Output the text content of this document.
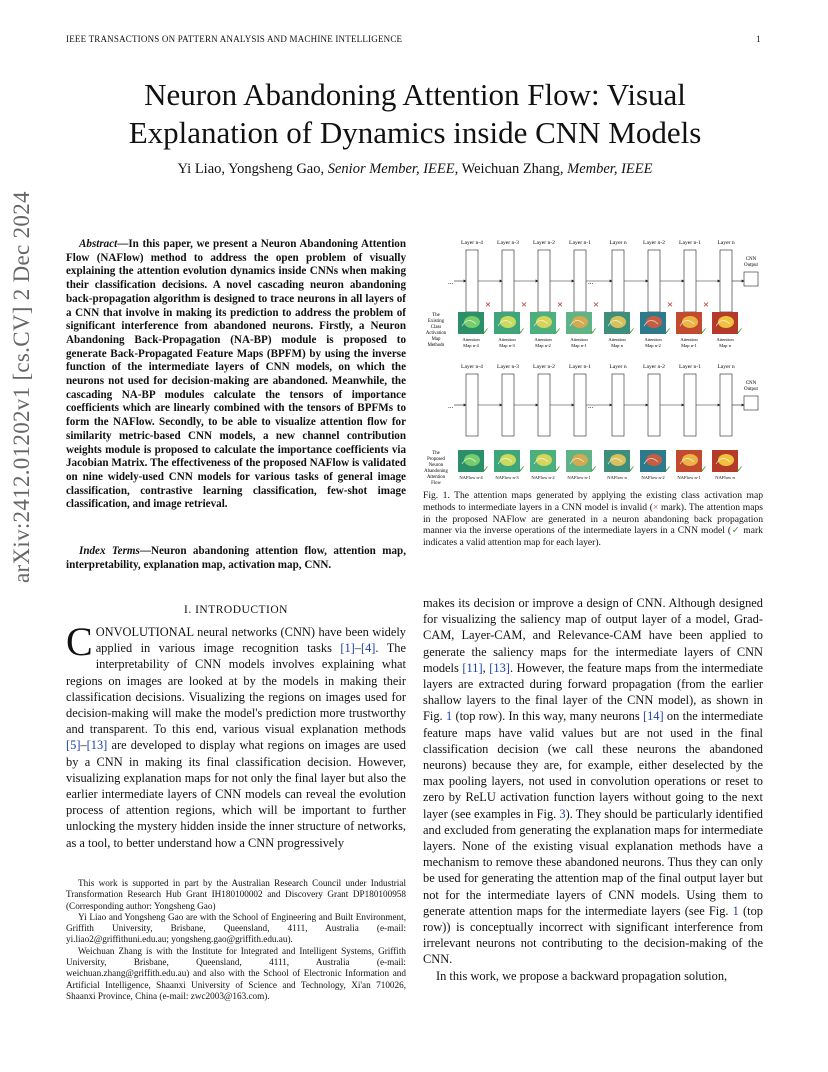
IEEE TRANSACTIONS ON PATTERN ANALYSIS AND MACHINE INTELLIGENCE	1
Neuron Abandoning Attention Flow: Visual
Explanation of Dynamics inside CNN Models
Yi Liao, Yongsheng Gao, Senior Member, IEEE, Weichuan Zhang, Member, IEEE
arXiv:2412.01202v1 [cs.CV] 2 Dec 2024	Abstract—In this paper, we present a Neuron Abandoning Attention Flow (NAFlow) method to address the open problem of visually explaining the attention evolution dynamics inside CNNs when making their classification decisions. A novel cascading neuron abandoning back-propagation algorithm is designed to trace neurons in all layers of a CNN that involve in making its prediction to address the problem of significant interference from abandoned neurons. Firstly, a Neuron Abandoning Back-Propagation (NA-BP) module is proposed to generate Back-Propagated Feature Maps (BPFM) by using the inverse function of the intermediate layers of CNN models, on which the neurons not used for decision-making are abandoned. Meanwhile, the cascading NA-BP modules calculate the tensors of importance coefficients which are linearly combined with the tensors of BPFMs to form the NAFlow. Secondly, to be able to visualize attention flow for similarity metric-based CNN models, a new channel contribution weights module is proposed to calculate the importance coefficients via Jacobian Matrix. The effectiveness of the proposed NAFlow is validated on nine widely-used CNN models for various tasks of general image classification, contrastive learning classification, few-shot image classification, and image retrieval.
Index Terms—Neuron abandoning attention flow, attention map, interpretability, explanation map, activation map, CNN.
I. INTRODUCTION
CONVOLUTIONAL neural networks (CNN) have been widely applied in various image recognition tasks [1]–[4]. The interpretability of CNN models involves explaining what regions on images are looked at by the models in making their classification decisions. Visualizing the regions on images used for decision-making will make the model's prediction more trustworthy and transparent. To this end, various visual explanation methods [5]–[13] are developed to display what regions on images are used by a CNN in making its final classification decision. However, visualizing explanation maps for not only the final layer but also the earlier intermediate layers of CNN models can reveal the evolution process of attention regions, which will be important to further unlocking the mystery hidden inside the inner structure of networks, as a tool, to better understand how a CNN progressively

This work is supported in part by the Australian Research Council under Industrial Transformation Research Hub Grant IH180100002 and Discovery Grant DP180100958 (Corresponding author: Yongsheng Gao)

Yi Liao and Yongsheng Gao are with the School of Engineering and Built Environment, Griffith University, Brisbane, Queensland, 4111, Australia (e-mail: yi.liao2@griffithuni.edu.au; yongsheng.gao@griffith.edu.au).

Weichuan Zhang is with the Institute for Integrated and Intelligent Systems, Griffith University, Brisbane, Queensland, 4111, Australia (e-mail: weichuan.zhang@griffith.edu.au) and also with the School of Electronic Information and Artificial Intelligence, Shaanxi University of Science and Technology, Xi'an 710026, Shaanxi Province, China (e-mail: zwc2003@163.com).

makes its decision or improve a design of CNN. Although designed for visualizing the saliency map of output layer of a model, Grad-CAM, Layer-CAM, and Relevance-CAM have been applied to generate the saliency maps for the intermediate layers of CNN models [11], [13]. However, the feature maps from the intermediate layers are extracted during forward propagation (from the earlier shallow layers to the final layer of the CNN model), as shown in Fig. 1 (top row). In this way, many neurons [14] on the intermediate feature maps have valid values but are not used in the final classification decision (we call these neurons the abandoned neurons) because they are, for example, either deselected by the max pooling layers, not used in convolution operations or reset to zero by ReLU activation function layers without going to the next layer (see examples in Fig. 3). They should be particularly identified and excluded from generating the explanation maps for intermediate layers. None of the existing visual explanation methods have a mechanism to remove these abandoned neurons. Thus they can only be used for generating the attention map of the final output layer but not for the intermediate layers of CNN models. Using them to generate attention maps for the intermediate layers (see Fig. 1 (top row)) is conceptually incorrect with significant interference from irrelevant neurons not contributing to the decision-making of the CNN.

In this work, we propose a backward propagation solution,

Fig. 1. The attention maps generated by applying the existing class activation map methods to intermediate layers in a CNN model is invalid (× mark). The attention maps in the proposed NAFlow are generated in a neuron abandoning back propagation manner via the inverse operations of the intermediate layers in a CNN model (✓ mark indicates a valid attention map for each layer).
Layer n-4	Layer n-3	Layer n-2	Layer n-1	Layer n	Layer n-2	Layer n-1	Layer n
...	...
CNN
Output
The
Existing
Class
Activation
Map
Methods
✓
Attention
Map n-4
×
✓
Attention
Map n-3
×
✓
Attention
Map n-2
×
✓
Attention
Map n-1
×
✓
Attention
Map n
✓
Attention
Map n-2
×
✓
Attention
Map n-1
×
✓
Attention
Map n
Layer n-4	Layer n-3	Layer n-2	Layer n-1	Layer n	Layer n-2	Layer n-1	Layer n
...	...
CNN
Output
The
Proposed
Neuron
Abandoning
Attention
Flow
✓
NAFlow n-4
✓
NAFlow n-3
✓
NAFlow n-2
✓
NAFlow n-1
✓
NAFlow n
✓
NAFlow n-2
✓
NAFlow n-1
✓
NAFlow n
